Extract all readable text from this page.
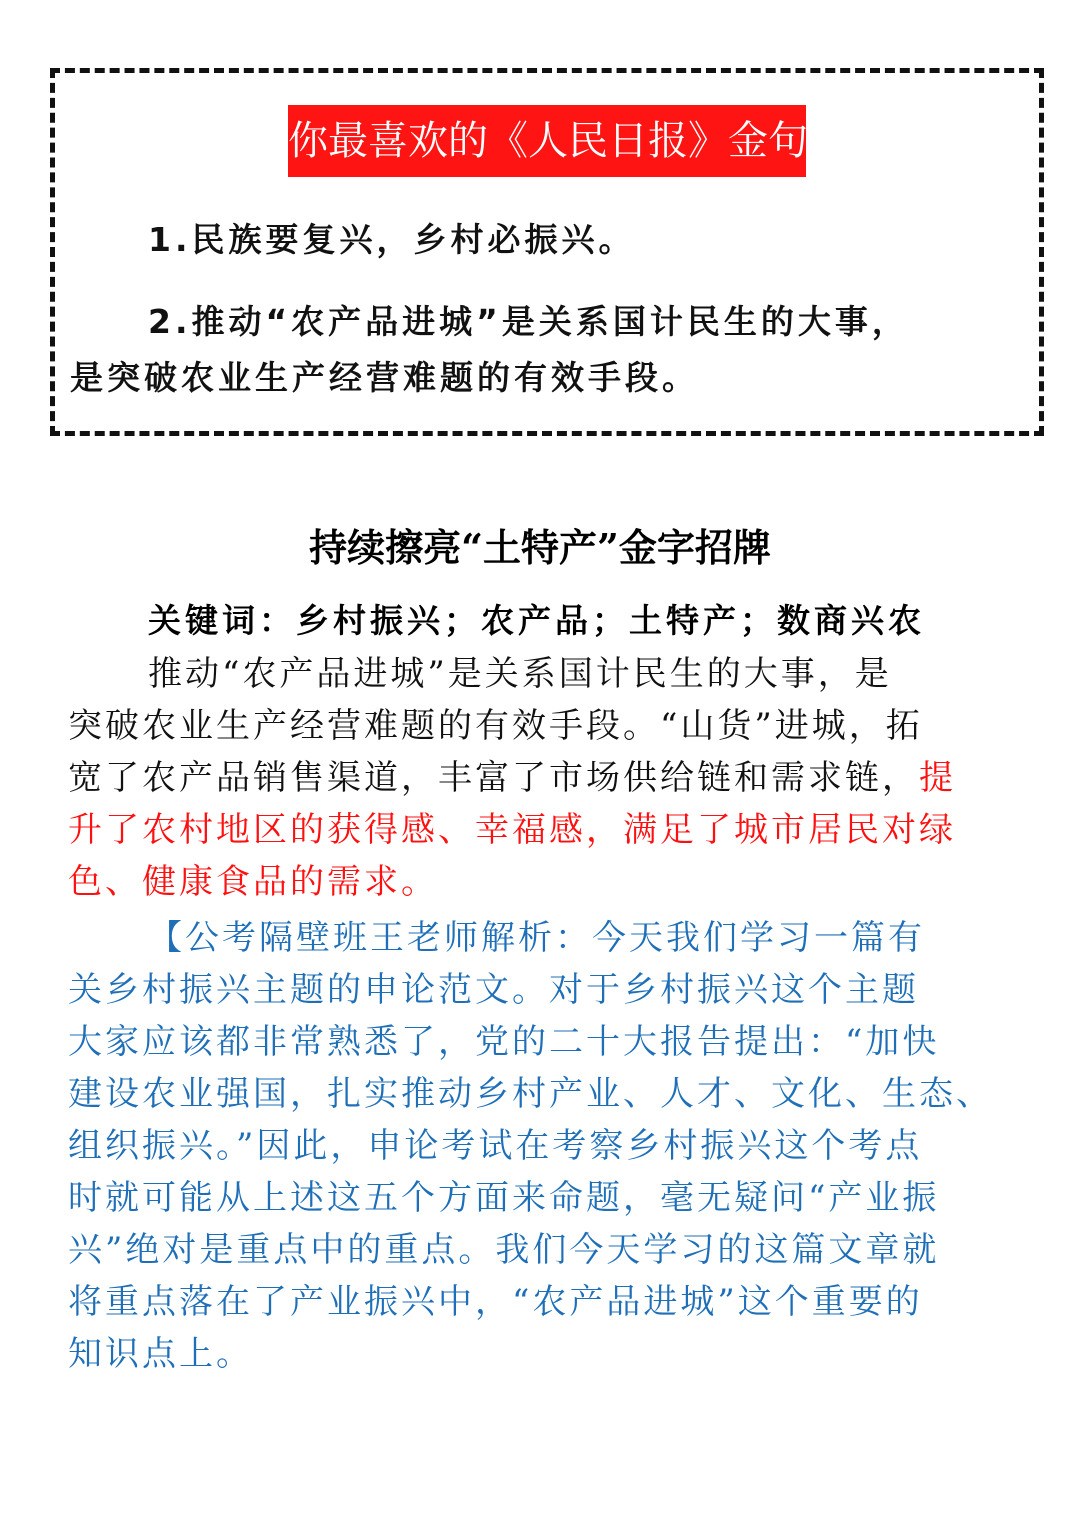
你最喜欢的《人民日报》金句
1.民族要复兴，乡村必振兴。
2.推动“农产品进城”是关系国计民生的大事，
是突破农业生产经营难题的有效手段。
持续擦亮“土特产”金字招牌
关键词：乡村振兴；农产品；土特产；数商兴农
推动“农产品进城”是关系国计民生的大事，是
突破农业生产经营难题的有效手段。“山货”进城，拓
宽了农产品销售渠道，丰富了市场供给链和需求链，提
升了农村地区的获得感、幸福感，满足了城市居民对绿
色、健康食品的需求。
【公考隔壁班王老师解析：今天我们学习一篇有
关乡村振兴主题的申论范文。对于乡村振兴这个主题
大家应该都非常熟悉了，党的二十大报告提出：“加快
建设农业强国，扎实推动乡村产业、人才、文化、生态、
组织振兴。”因此，申论考试在考察乡村振兴这个考点
时就可能从上述这五个方面来命题，毫无疑问“产业振
兴”绝对是重点中的重点。我们今天学习的这篇文章就
将重点落在了产业振兴中，“农产品进城”这个重要的
知识点上。
